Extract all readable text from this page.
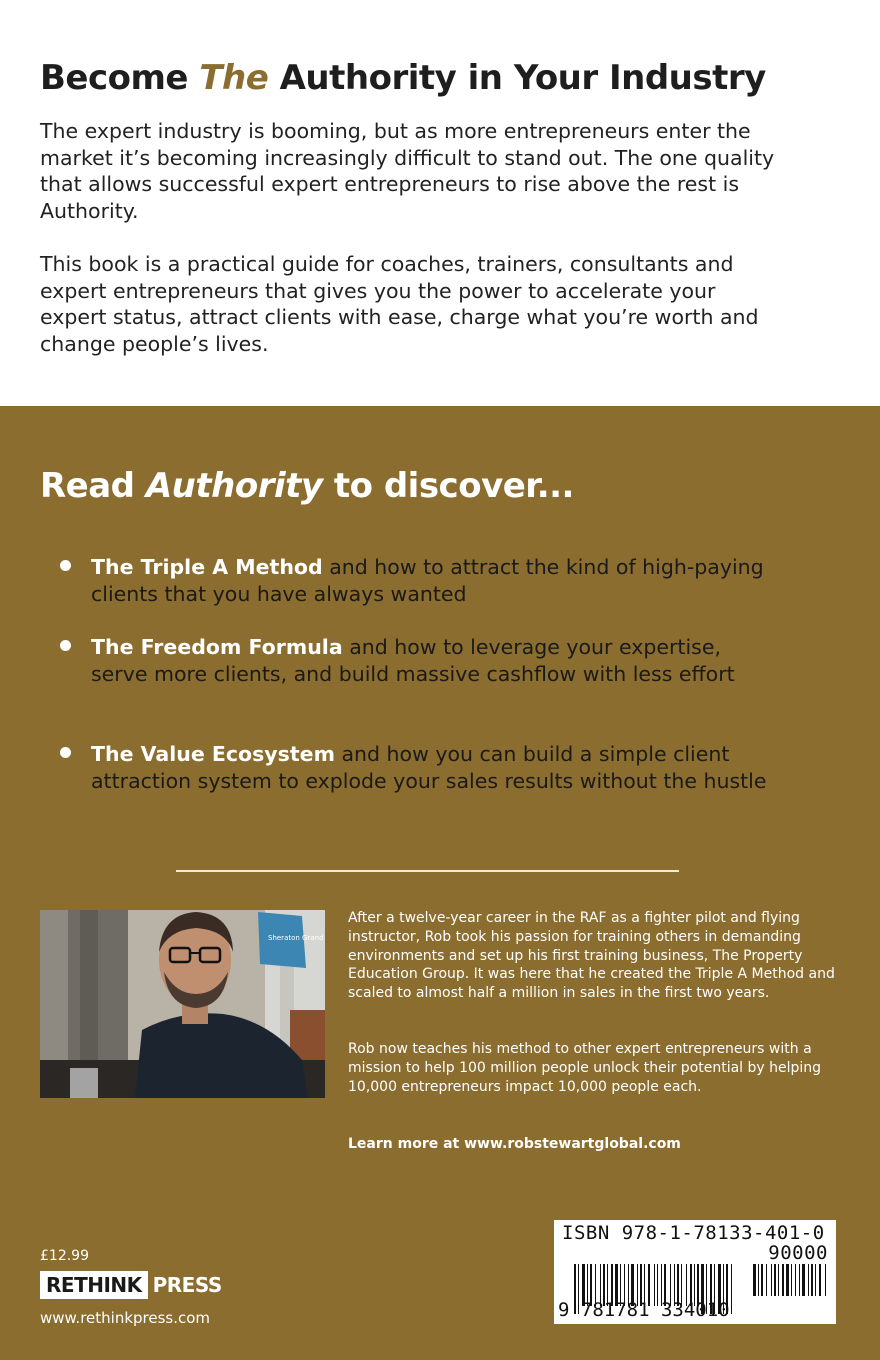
Become The Authority in Your Industry

The expert industry is booming, but as more entrepreneurs enter the market it’s becoming increasingly difficult to stand out. The one quality that allows successful expert entrepreneurs to rise above the rest is Authority.

This book is a practical guide for coaches, trainers, consultants and expert entrepreneurs that gives you the power to accelerate your expert status, attract clients with ease, charge what you’re worth and change people’s lives.

Read Authority to discover...
The Triple A Method and how to attract the kind of high-paying clients that you have always wanted
The Freedom Formula and how to leverage your expertise, serve more clients, and build massive cashflow with less effort
The Value Ecosystem and how you can build a simple client attraction system to explode your sales results without the hustle
Sheraton Grand

After a twelve-year career in the RAF as a fighter pilot and flying instructor, Rob took his passion for training others in demanding environments and set up his first training business, The Property Education Group. It was here that he created the Triple A Method and scaled to almost half a million in sales in the first two years.

Rob now teaches his method to other expert entrepreneurs with a mission to help 100 million people unlock their potential by helping 10,000 entrepreneurs impact 10,000 people each.

Learn more at www.robstewartglobal.com

£12.99
RETHINK PRESS
www.rethinkpress.com
ISBN 978-1-78133-401-0
90000
9 781781 334010
